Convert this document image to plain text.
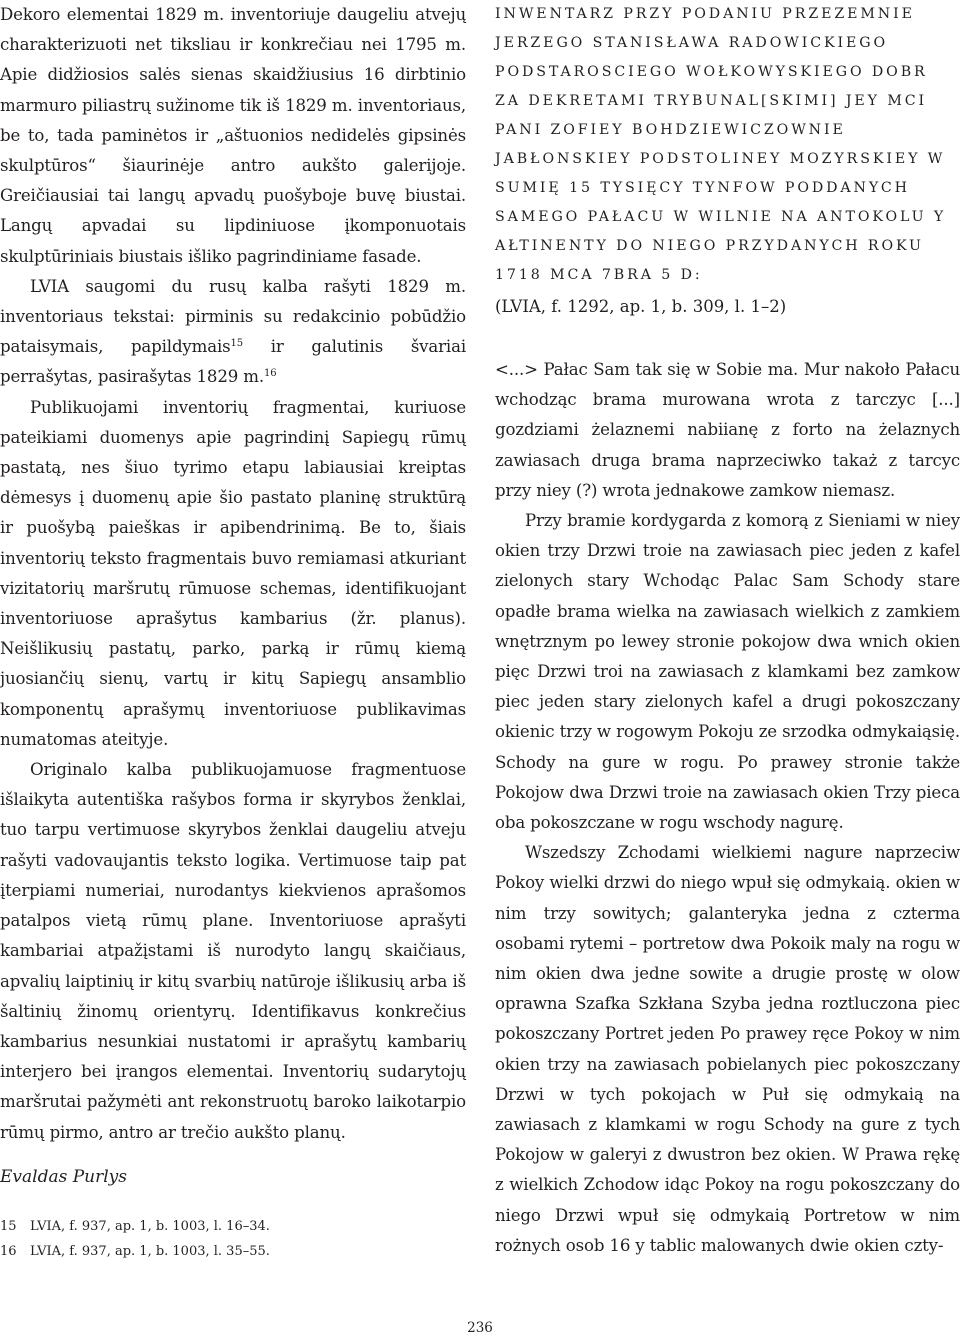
Dekoro elementai 1829 m. inventoriuje daugeliu atvejų charakterizuoti net tiksliau ir konkrečiau nei 1795 m. Apie didžiosios salės sienas skaidžiusius 16 dirbtinio marmuro piliastrų sužinome tik iš 1829 m. inventoriaus, be to, tada paminėtos ir „aštuonios nedidelės gipsinės skulptūros“ šiaurinėje antro aukšto galerijoje. Greičiausiai tai langų apvadų puošyboje buvę biustai. Langų apvadai su lipdiniuose įkomponuotais skulptūriniais biustais išliko pagrindiniame fasade.

LVIA saugomi du rusų kalba rašyti 1829 m. inventoriaus tekstai: pirminis su redakcinio pobūdžio pataisymais, papildymais$^{15}$ ir galutinis švariai perrašytas, pasirašytas 1829 m.$^{16}$

Publikuojami inventorių fragmentai, kuriuose pateikiami duomenys apie pagrindinį Sapiegų rūmų pastatą, nes šiuo tyrimo etapu labiausiai kreiptas dėmesys į duomenų apie šio pastato planinę struktūrą ir puošybą paieškas ir apibendrinimą. Be to, šiais inventorių teksto fragmentais buvo remiamasi atkuriant vizitatorių maršrutų rūmuose schemas, identifikuojant inventoriuose aprašytus kambarius (žr. planus). Neišlikusių pastatų, parko, parką ir rūmų kiemą juosiančių sienų, vartų ir kitų Sapiegų ansamblio komponentų aprašymų inventoriuose publikavimas numatomas ateityje.

Originalo kalba publikuojamuose fragmentuose išlaikyta autentiška rašybos forma ir skyrybos ženklai, tuo tarpu vertimuose skyrybos ženklai daugeliu atveju rašyti vadovaujantis teksto logika. Vertimuose taip pat įterpiami numeriai, nurodantys kiekvienos aprašomos patalpos vietą rūmų plane. Inventoriuose aprašyti kambariai atpažįstami iš nurodyto langų skaičiaus, apvalių laiptinių ir kitų svarbių natūroje išlikusių arba iš šaltinių žinomų orientyrų. Identifikavus konkrečius kambarius nesunkiai nustatomi ir aprašytų kambarių interjero bei įrangos elementai. Inventorių sudarytojų maršrutai pažymėti ant rekonstruotų baroko laikotarpio rūmų pirmo, antro ar trečio aukšto planų.

Evaldas Purlys
15	LVIA, f. 937, ap. 1, b. 1003, l. 16–34.
16	LVIA, f. 937, ap. 1, b. 1003, l. 35–55.

INWENTARZ PRZY PODANIU PRZEZEMNIE JERZEGO STANISŁAWA RADOWICKIEGO PODSTAROSCIEGO WOŁKOWYSKIEGO DOBR ZA DEKRETAMI TRYBUNAL[SKIMI] JEY MCI PANI ZOFIEY BOHDZIEWICZOWNIE JABŁONSKIEY PODSTOLINEY MOZYRSKIEY W SUMIĘ 15 TYSIĘCY TYNFOW PODDANYCH SAMEGO PAŁACU W WILNIE NA ANTOKOLU Y AŁTINENTY DO NIEGO PRZYDANYCH ROKU 1718 MCA 7BRA 5 D:

(LVIA, f. 1292, ap. 1, b. 309, l. 1–2)

<...> Pałac Sam tak się w Sobie ma. Mur nakoło Pałacu wchodząc brama murowana wrota z tarczyc [...] gozdziami żelaznemi nabiianę z forto na żelaznych zawiasach druga brama naprzeciwko takaż z tarcyc przy niey (?) wrota jednakowe zamkow niemasz.

Przy bramie kordygarda z komorą z Sieniami w niey okien trzy Drzwi troie na zawiasach piec jeden z kafel zielonych stary Wchodąc Palac Sam Schody stare opadłe brama wielka na zawiasach wielkich z zamkiem wnętrznym po lewey stronie pokojow dwa wnich okien pięc Drzwi troi na zawiasach z klamkami bez zamkow piec jeden stary zielonych kafel a drugi pokoszczany okienic trzy w rogowym Pokoju ze srzodka odmykaiąsię. Schody na gure w rogu. Po prawey stronie także Pokojow dwa Drzwi troie na zawiasach okien Trzy pieca oba pokoszczane w rogu wschody nagurę.

Wszedszy Zchodami wielkiemi nagure naprzeciw Pokoy wielki drzwi do niego wpuł się odmykaią. okien w nim trzy sowitych; galanteryka jedna z czterma osobami rytemi – portretow dwa Pokoik maly na rogu w nim okien dwa jedne sowite a drugie prostę w olow oprawna Szafka Szkłana Szyba jedna roztluczona piec pokoszczany Portret jeden Po prawey ręce Pokoy w nim okien trzy na zawiasach pobielanych piec pokoszczany Drzwi w tych pokojach w Puł się odmykaią na zawiasach z klamkami w rogu Schody na gure z tych Pokojow w galeryi z dwustron bez okien. W Prawa rękę z wielkich Zchodow idąc Pokoy na rogu pokoszczany do niego Drzwi wpuł się odmykaią Portretow w nim rożnych osob 16 y tablic malowanych dwie okien czty-

236
